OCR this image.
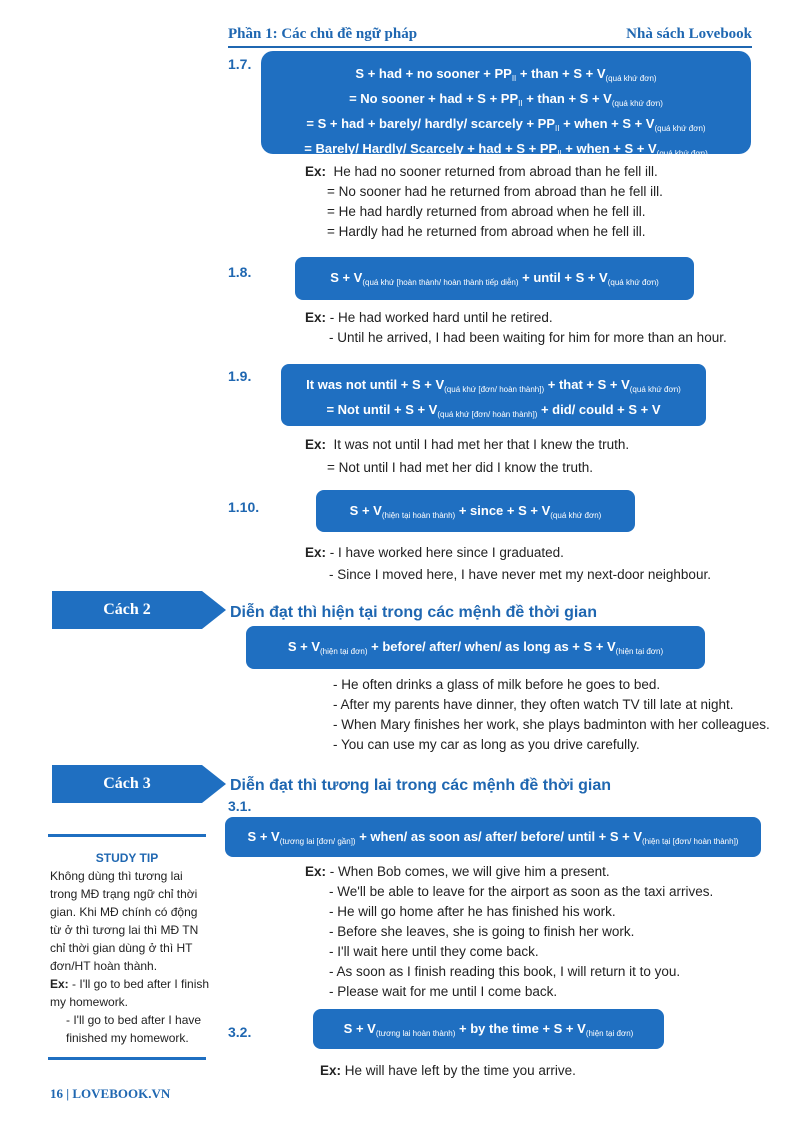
Phần 1: Các chủ đề ngữ pháp	Nhà sách Lovebook
1.7.
S + had + no sooner + $PP_{II}$ + than + $S + V_{(quá khứ đơn)}$
= No sooner + had + $S + PP_{II}$ + than + $S + V_{(quá khứ đơn)}$
= S + had + barely/ hardly/ scarcely + $PP_{II}$ + when + $S + V_{(quá khứ đơn)}$
= Barely/ Hardly/ Scarcely + had + $S + PP_{II}$ + when + $S + V_{(quá khứ đơn)}$
Ex: He had no sooner returned from abroad than he fell ill.
= No sooner had he returned from abroad than he fell ill.
= He had hardly returned from abroad when he fell ill.
= Hardly had he returned from abroad when he fell ill.
1.8.	$S + V_{(quá khứ [hoàn thành/ hoàn thành tiếp diễn)}$ + until + $S + V_{(quá khứ đơn)}$
Ex: - He had worked hard until he retired.
- Until he arrived, I had been waiting for him for more than an hour.
1.9.
It was not until + $S + V_{(quá khứ [đơn/ hoàn thành])}$ + that + $S + V_{(quá khứ đơn)}$
= Not until + $S + V_{(quá khứ [đơn/ hoàn thành])} + did/$ could + S + V
Ex: It was not until I had met her that I knew the truth.
= Not until I had met her did I know the truth.
1.10.	$S + V_{(hiện tại hoàn thành)}$ + since + $S + V_{(quá khứ đơn)}$
Ex: - I have worked here since I graduated.
- Since I moved here, I have never met my next-door neighbour.
Cách 2	Diễn đạt thì hiện tại trong các mệnh đề thời gian
$S + V_{(hiện tại đơn)}$ + before/ after/ when/ as long as + $S + V_{(hiện tại đơn)}$
- He often drinks a glass of milk before he goes to bed.
- After my parents have dinner, they often watch TV till late at night.
- When Mary finishes her work, she plays badminton with her colleagues.
- You can use my car as long as you drive carefully.
Cách 3	Diễn đạt thì tương lai trong các mệnh đề thời gian
3.1.
$S + V_{(tương lai [đơn/ gần])}$ + when/ as soon as/ after/ before/ until + $S + V_{(hiện tại [đơn/ hoàn thành])}$
Ex: - When Bob comes, we will give him a present.
- We'll be able to leave for the airport as soon as the taxi arrives.
- He will go home after he has finished his work.
- Before she leaves, she is going to finish her work.
- I'll wait here until they come back.
- As soon as I finish reading this book, I will return it to you.
- Please wait for me until I come back.
3.2.	$S + V_{(tương lai hoàn thành)}$ + by the time + $S + V_{(hiện tại đơn)}$
Ex: He will have left by the time you arrive.
STUDY TIP
Không dùng thì tương lai trong MĐ trạng ngữ chỉ thời gian. Khi MĐ chính có động từ ở thì tương lai thì MĐ TN chỉ thời gian dùng ở thì HT đơn/HT hoàn thành.
Ex: - I'll go to bed after I finish my homework.
- I'll go to bed after I have finished my homework.
16 | LOVEBOOK.VN
